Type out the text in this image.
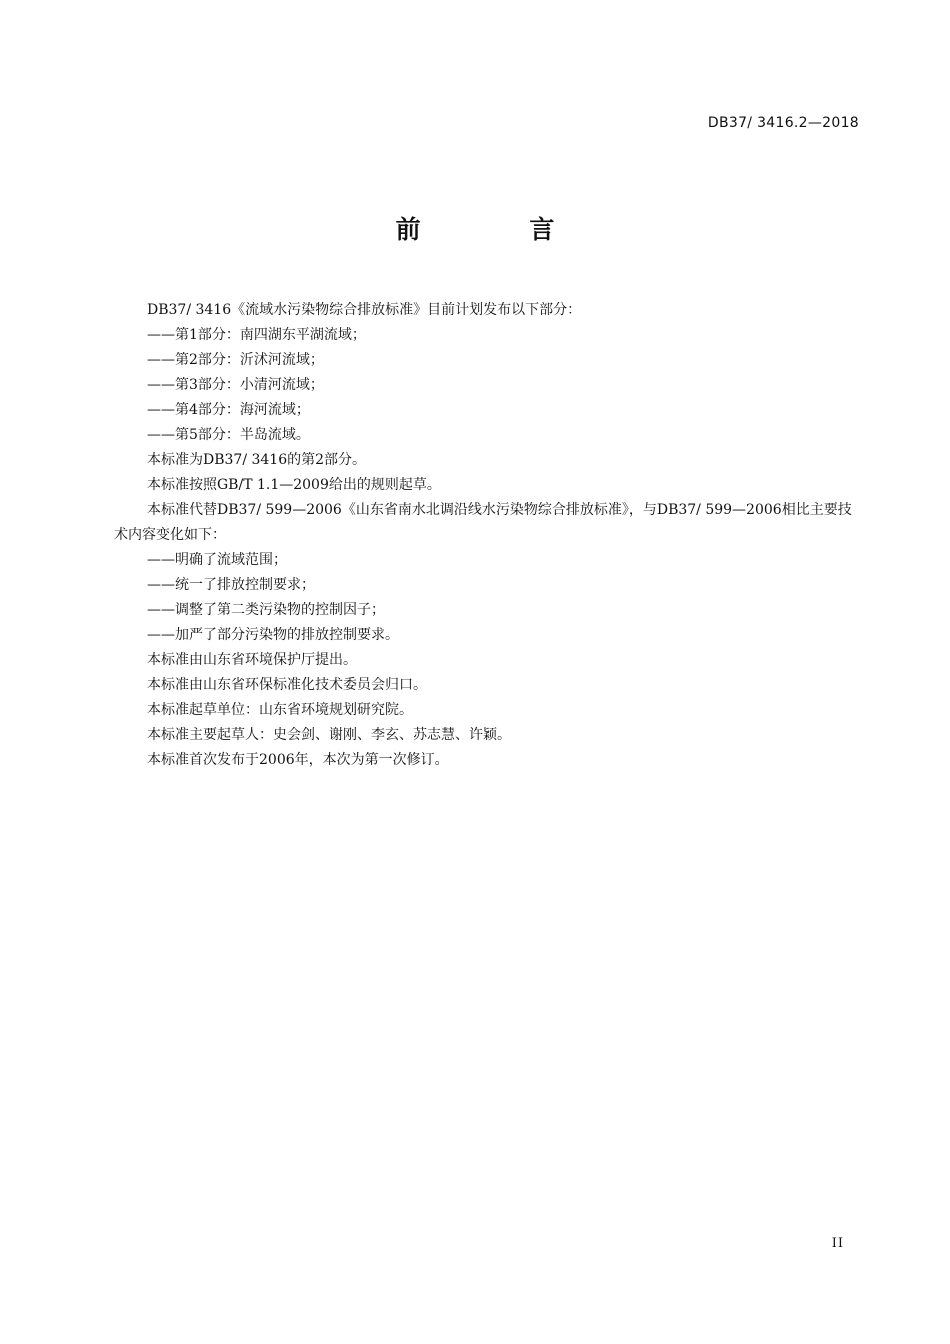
DB37/ 3416.2—2018
前 言

DB37/ 3416《流域水污染物综合排放标准》目前计划发布以下部分：

——第1部分：南四湖东平湖流域；

——第2部分：沂沭河流域；

——第3部分：小清河流域；

——第4部分：海河流域；

——第5部分：半岛流域。

本标准为DB37/ 3416的第2部分。

本标准按照GB/T 1.1—2009给出的规则起草。

本标准代替DB37/ 599—2006《山东省南水北调沿线水污染物综合排放标准》，与DB37/ 599—2006相比主要技术内容变化如下：

——明确了流域范围；

——统一了排放控制要求；

——调整了第二类污染物的控制因子；

——加严了部分污染物的排放控制要求。

本标准由山东省环境保护厅提出。

本标准由山东省环保标准化技术委员会归口。

本标准起草单位：山东省环境规划研究院。

本标准主要起草人：史会剑、谢刚、李玄、苏志慧、许颖。

本标准首次发布于2006年，本次为第一次修订。

II
